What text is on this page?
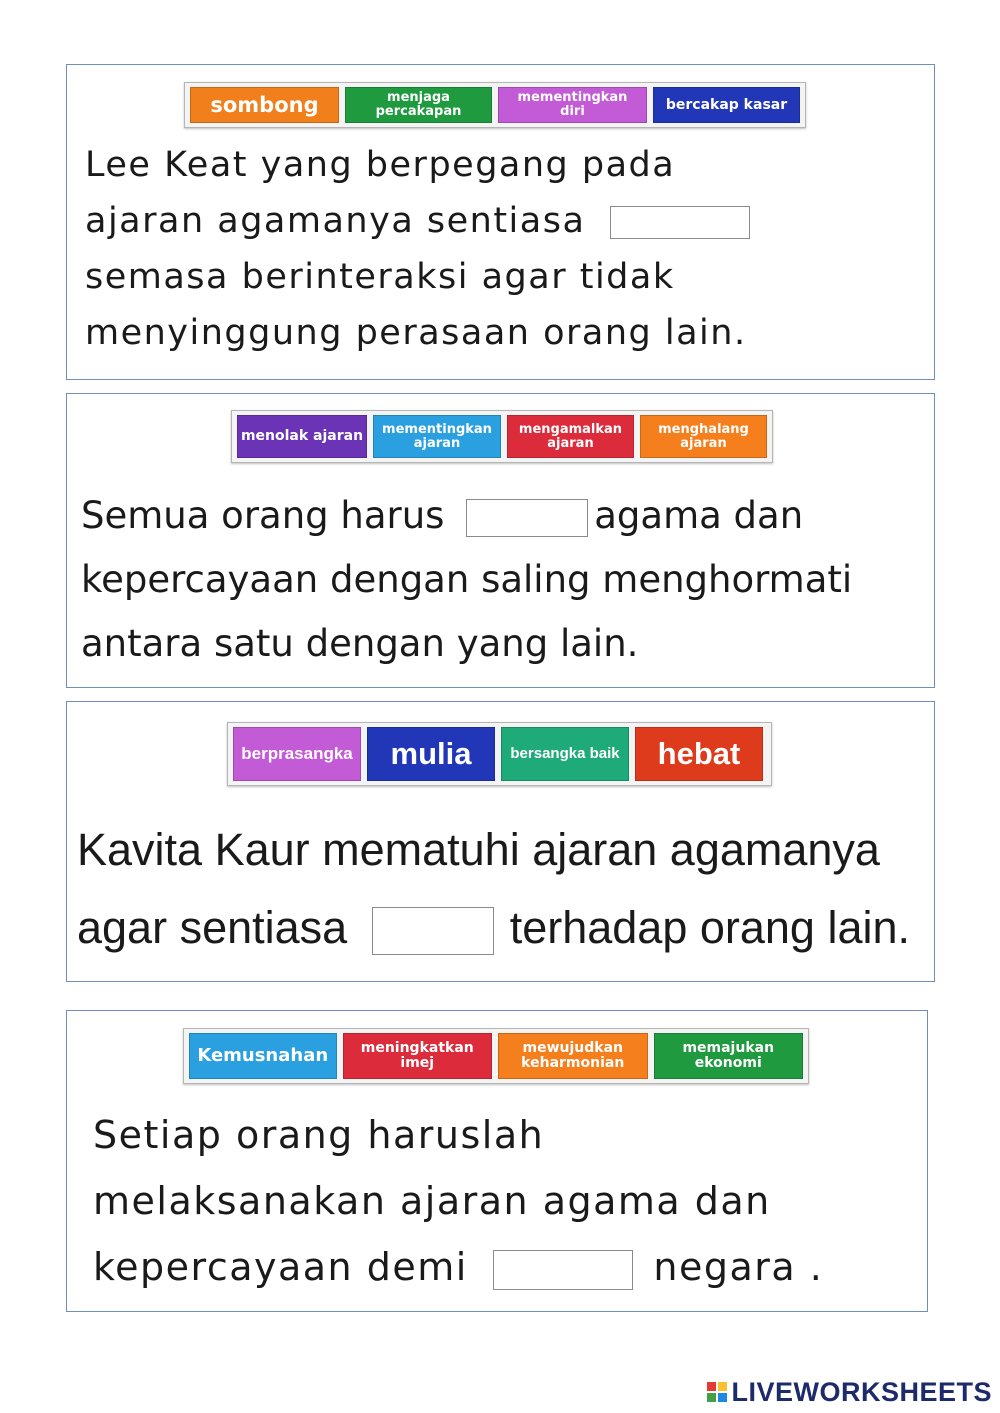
sombong	menjaga percakapan
mementingkan diri	bercakap kasar
Lee Keat yang berpegang pada
ajaran agamanya sentiasa
semasa berinteraksi agar tidak
menyinggung perasaan orang lain.
menolak ajaran	mementingkan ajaran
mengamalkan ajaran
menghalang ajaran
Semua orang harus	agama dan
kepercayaan dengan saling menghormati
antara satu dengan yang lain.
berprasangka mulia	bersangka baik hebat
Kavita Kaur mematuhi ajaran agamanya
agar sentiasa	terhadap orang lain.
Kemusnahan	meningkatkan imej
mewujudkan keharmonian
memajukan ekonomi
Setiap orang haruslah
melaksanakan ajaran agama dan
kepercayaan demi	negara .
LIVEWORKSHEETS
